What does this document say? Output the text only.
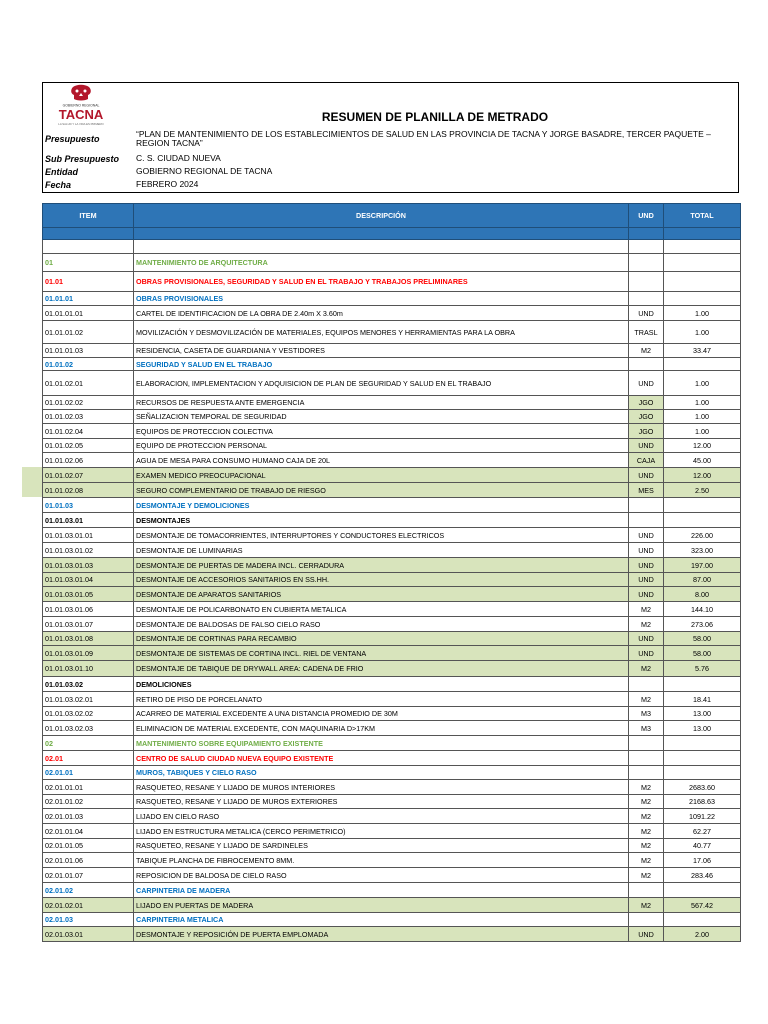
GOBIERNO REGIONAL
TACNA
LA SALUD Y LA VIDA ES PRIMERO	RESUMEN DE PLANILLA DE METRADO
Presupuesto	“PLAN DE MANTENIMIENTO DE LOS ESTABLECIMIENTOS DE SALUD EN LAS PROVINCIA DE TACNA Y JORGE BASADRE, TERCER PAQUETE – REGION TACNA”
Sub Presupuesto C. S. CIUDAD NUEVA
Entidad	GOBIERNO REGIONAL DE TACNA
Fecha	FEBRERO 2024
ITEM	DESCRIPCIÓN	UND	TOTAL

01	MANTENIMIENTO DE ARQUITECTURA		
01.01	OBRAS PROVISIONALES, SEGURIDAD Y SALUD EN EL TRABAJO Y TRABAJOS PRELIMINARES		
01.01.01	OBRAS PROVISIONALES		
01.01.01.01	CARTEL DE IDENTIFICACION DE LA OBRA DE 2.40m X 3.60m	UND	1.00
01.01.01.02	MOVILIZACIÓN Y DESMOVILIZACIÓN DE MATERIALES, EQUIPOS MENORES Y HERRAMIENTAS PARA LA OBRA	TRASL	1.00
01.01.01.03	RESIDENCIA, CASETA DE GUARDIANIA Y VESTIDORES	M2	33.47
01.01.02	SEGURIDAD Y SALUD EN EL TRABAJO		
01.01.02.01	ELABORACION, IMPLEMENTACION Y ADQUISICION DE PLAN DE SEGURIDAD Y SALUD EN EL TRABAJO	UND	1.00
01.01.02.02	RECURSOS DE RESPUESTA ANTE EMERGENCIA	JGO	1.00
01.01.02.03	SEÑALIZACION TEMPORAL DE SEGURIDAD	JGO	1.00
01.01.02.04	EQUIPOS DE PROTECCION COLECTIVA	JGO	1.00
01.01.02.05	EQUIPO DE PROTECCION PERSONAL	UND	12.00
01.01.02.06	AGUA DE MESA PARA CONSUMO HUMANO CAJA DE 20L	CAJA	45.00
01.01.02.07	EXAMEN MEDICO PREOCUPACIONAL	UND	12.00
01.01.02.08	SEGURO COMPLEMENTARIO DE TRABAJO DE RIESGO	MES	2.50
01.01.03	DESMONTAJE Y DEMOLICIONES		
01.01.03.01	DESMONTAJES		
01.01.03.01.01	DESMONTAJE DE TOMACORRIENTES, INTERRUPTORES Y CONDUCTORES ELECTRICOS	UND	226.00
01.01.03.01.02	DESMONTAJE DE LUMINARIAS	UND	323.00
01.01.03.01.03	DESMONTAJE DE PUERTAS DE MADERA INCL. CERRADURA	UND	197.00
01.01.03.01.04	DESMONTAJE DE ACCESORIOS SANITARIOS EN SS.HH.	UND	87.00
01.01.03.01.05	DESMONTAJE DE APARATOS SANITARIOS	UND	8.00
01.01.03.01.06	DESMONTAJE DE POLICARBONATO EN CUBIERTA METALICA	M2	144.10
01.01.03.01.07	DESMONTAJE DE BALDOSAS DE FALSO CIELO RASO	M2	273.06
01.01.03.01.08	DESMONTAJE DE CORTINAS PARA RECAMBIO	UND	58.00
01.01.03.01.09	DESMONTAJE DE SISTEMAS DE CORTINA INCL. RIEL DE VENTANA	UND	58.00
01.01.03.01.10	DESMONTAJE DE TABIQUE DE DRYWALL AREA: CADENA DE FRIO	M2	5.76
01.01.03.02	DEMOLICIONES		
01.01.03.02.01	RETIRO DE PISO DE PORCELANATO	M2	18.41
01.01.03.02.02	ACARREO DE MATERIAL EXCEDENTE A UNA DISTANCIA PROMEDIO DE 30M	M3	13.00
01.01.03.02.03	ELIMINACION DE MATERIAL EXCEDENTE, CON MAQUINARIA D>17KM	M3	13.00
02	MANTENIMIENTO SOBRE EQUIPAMIENTO EXISTENTE		
02.01	CENTRO DE SALUD CIUDAD NUEVA EQUIPO EXISTENTE		
02.01.01	MUROS, TABIQUES Y CIELO RASO		
02.01.01.01	RASQUETEO, RESANE Y LIJADO DE MUROS INTERIORES	M2	2683.60
02.01.01.02	RASQUETEO, RESANE Y LIJADO DE MUROS EXTERIORES	M2	2168.63
02.01.01.03	LIJADO EN CIELO RASO	M2	1091.22
02.01.01.04	LIJADO EN ESTRUCTURA METALICA (CERCO PERIMETRICO)	M2	62.27
02.01.01.05	RASQUETEO, RESANE Y LIJADO DE SARDINELES	M2	40.77
02.01.01.06	TABIQUE PLANCHA DE FIBROCEMENTO 8MM.	M2	17.06
02.01.01.07	REPOSICION DE BALDOSA DE CIELO RASO	M2	283.46
02.01.02	CARPINTERIA DE MADERA		
02.01.02.01	LIJADO EN PUERTAS DE MADERA	M2	567.42
02.01.03	CARPINTERIA METALICA		
02.01.03.01	DESMONTAJE Y REPOSICIÓN DE PUERTA EMPLOMADA	UND	2.00
